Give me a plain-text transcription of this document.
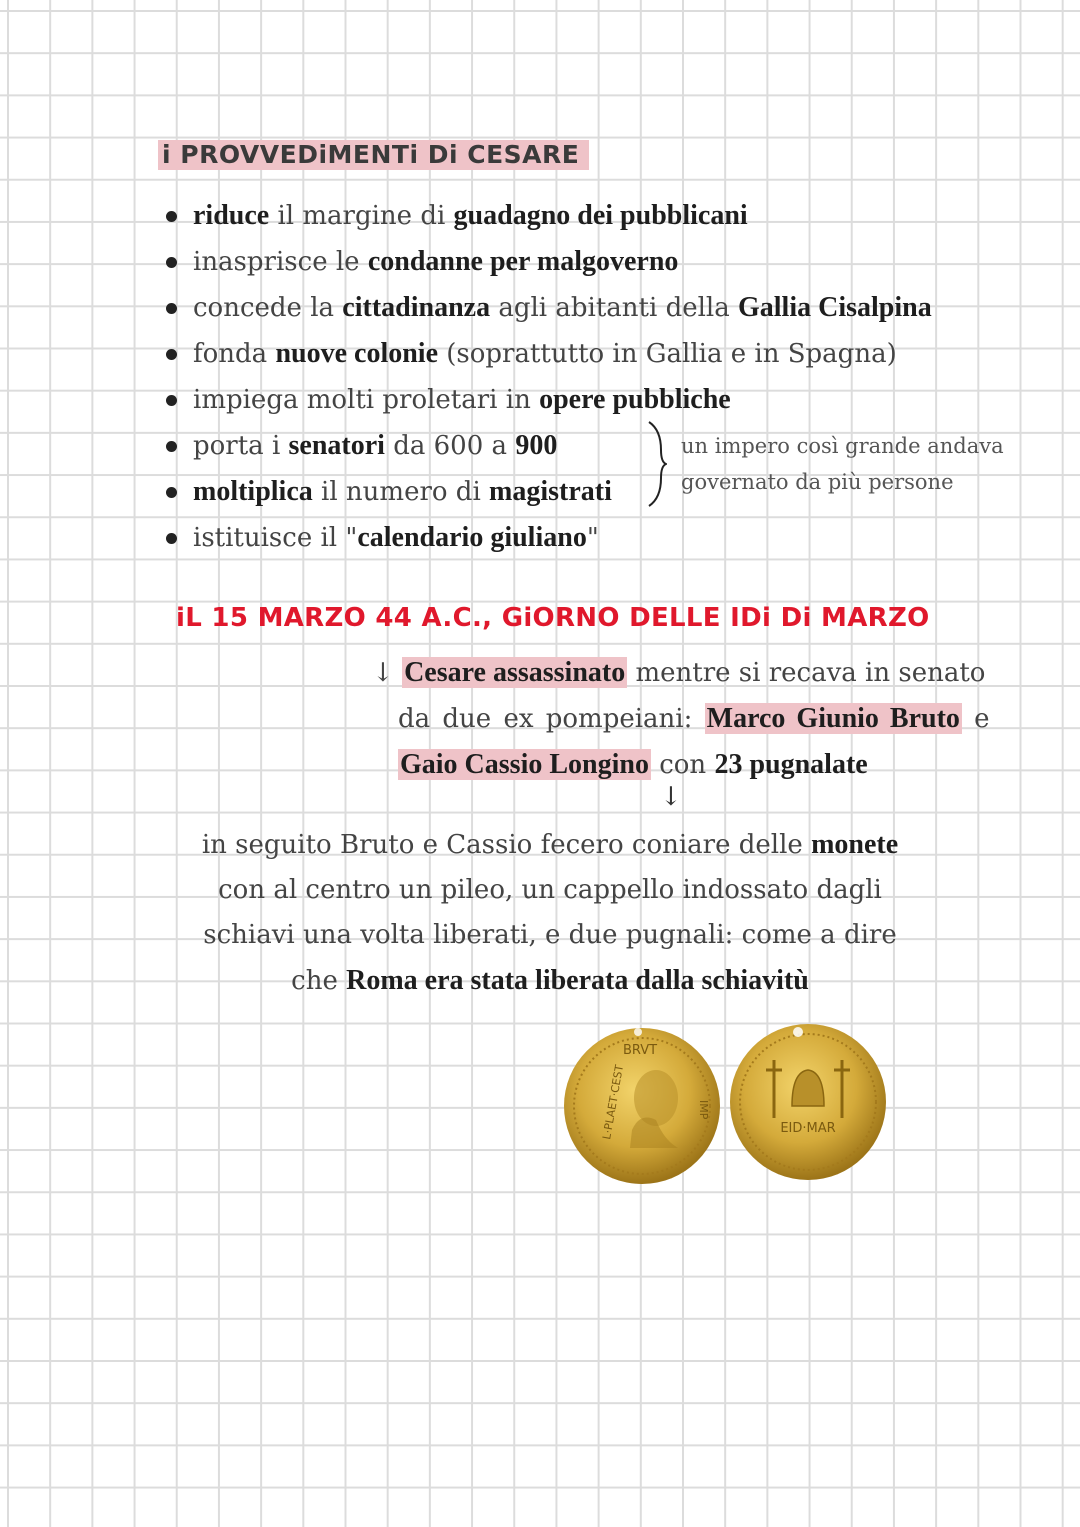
i PROVVEDiMENTi Di CESARE
riduce il margine di guadagno dei pubblicani
inasprisce le condanne per malgoverno
concede la cittadinanza agli abitanti della Gallia Cisalpina
fonda nuove colonie (soprattutto in Gallia e in Spagna)
impiega molti proletari in opere pubbliche
porta i senatori da 600 a 900
moltiplica il numero di magistrati
istituisce il "calendario giuliano"
un impero così grande andava
governato da più persone
iL 15 MARZO 44 A.C., GiORNO DELLE IDi Di MARZO
↓ Cesare assassinato mentre si recava in senato
da due ex pompeiani: Marco Giunio Bruto e
Gaio Cassio Longino con 23 pugnalate
↓
in seguito Bruto e Cassio fecero coniare delle monete
con al centro un pileo, un cappello indossato dagli
schiavi una volta liberati, e due pugnali: come a dire
che Roma era stata liberata dalla schiavitù
BRVT
L·PLAET·CEST	IMP
EID·MAR
